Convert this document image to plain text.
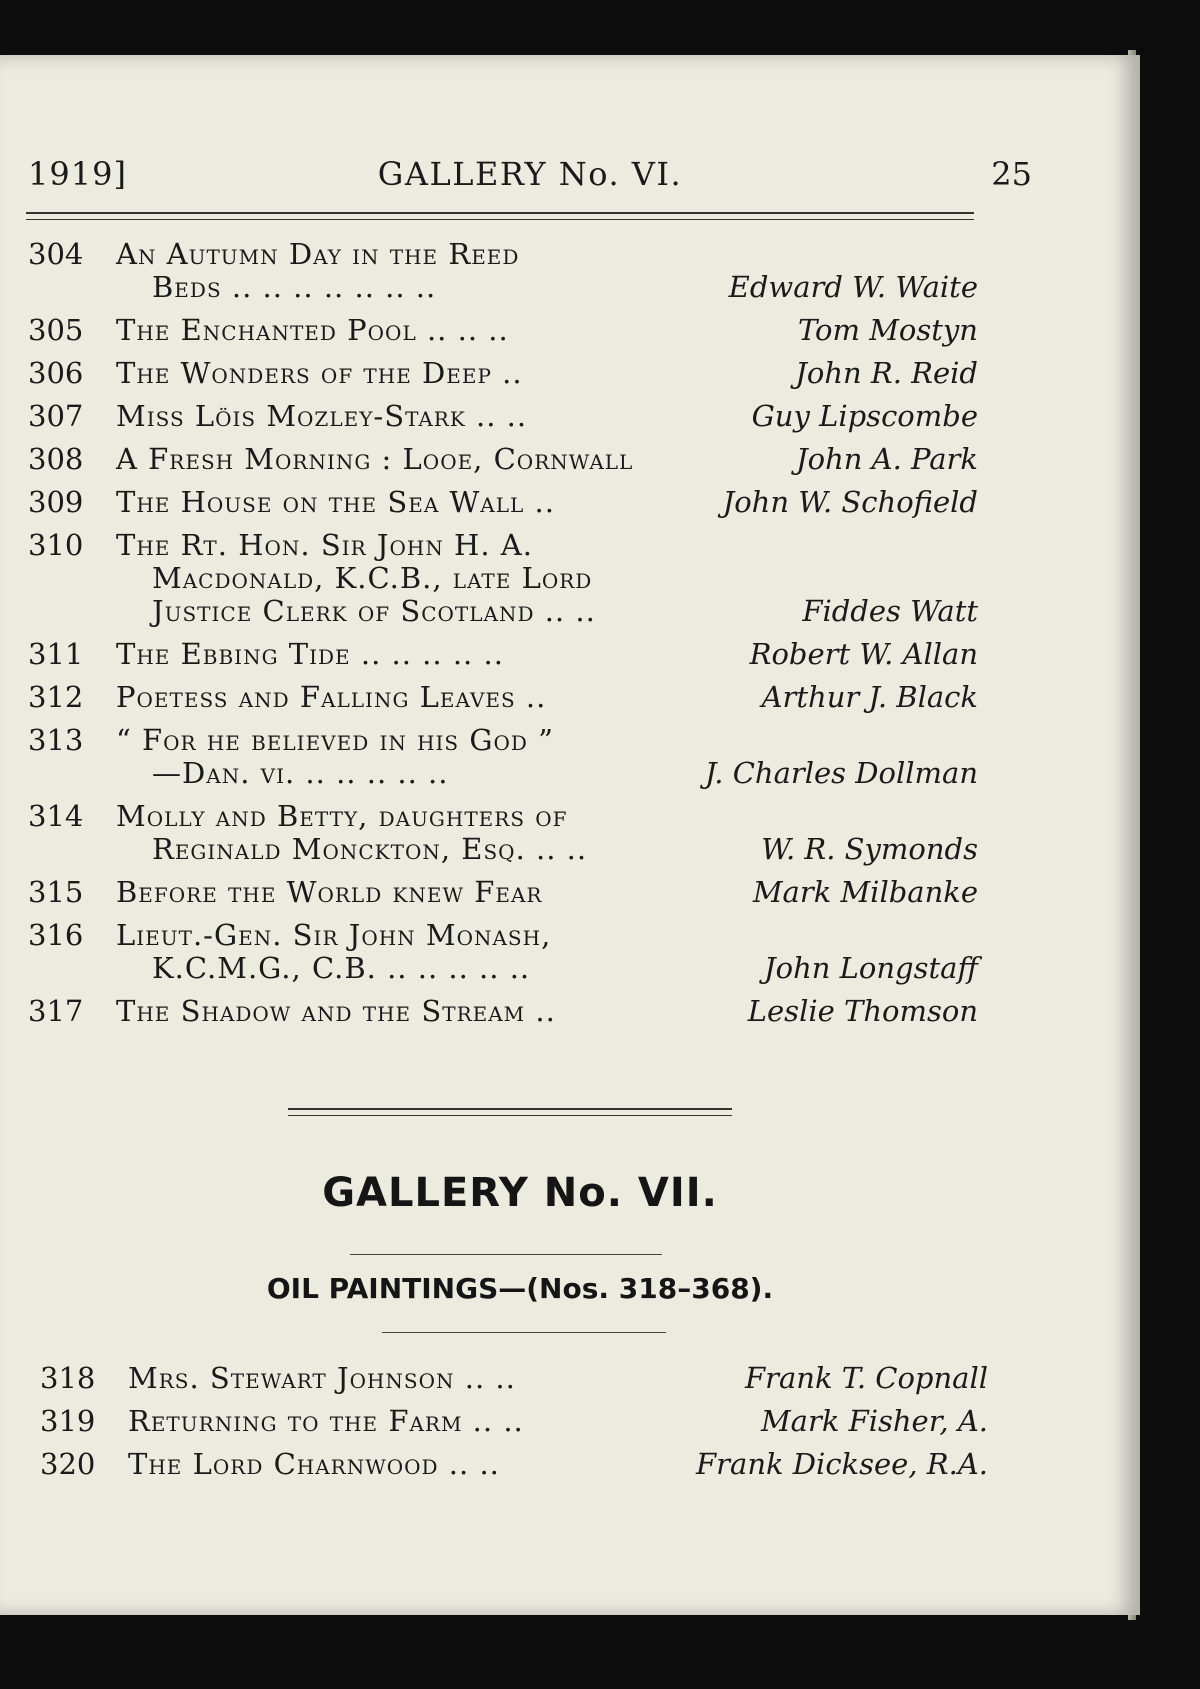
1919]	GALLERY No. VI.	25
304	An Autumn Day in the Reed
Beds .. .. .. .. .. .. ..	Edward W. Waite
305	The Enchanted Pool .. .. ..	Tom Mostyn
306	The Wonders of the Deep ..	John R. Reid
307	Miss Löis Mozley-Stark .. ..	Guy Lipscombe
308	A Fresh Morning : Looe, Cornwall	John A. Park
309	The House on the Sea Wall ..	John W. Schofield
310	The Rt. Hon. Sir John H. A.
Macdonald, K.C.B., late Lord
Justice Clerk of Scotland .. ..	Fiddes Watt
311	The Ebbing Tide .. .. .. .. ..	Robert W. Allan
312	Poetess and Falling Leaves ..	Arthur J. Black
313	“ For he believed in his God ”
—Dan. vi. .. .. .. .. ..	J. Charles Dollman
314	Molly and Betty, daughters of
Reginald Monckton, Esq. .. ..	W. R. Symonds
315	Before the World knew Fear	Mark Milbanke
316	Lieut.-Gen. Sir John Monash,
K.C.M.G., C.B. .. .. .. .. ..	John Longstaff
317	The Shadow and the Stream ..	Leslie Thomson
GALLERY No. VII.
OIL PAINTINGS—(Nos. 318–368).
318	Mrs. Stewart Johnson .. ..	Frank T. Copnall
319	Returning to the Farm .. ..	Mark Fisher, A.
320	The Lord Charnwood .. ..	Frank Dicksee, R.A.
